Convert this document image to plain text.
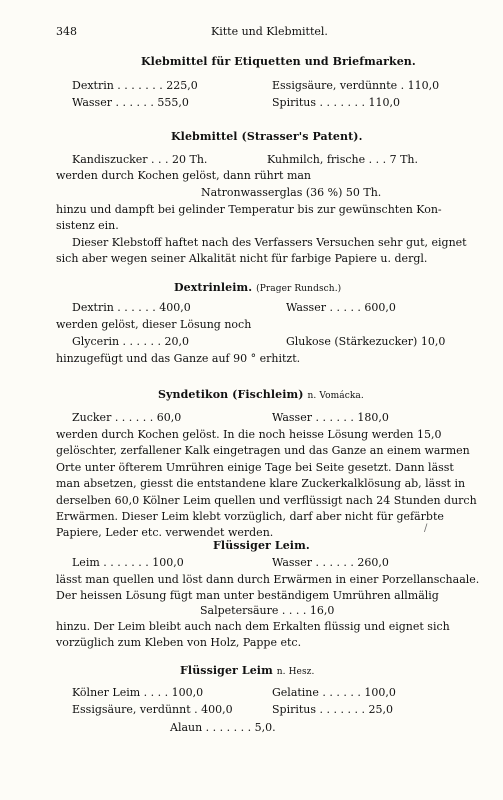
348	Kitte und Klebmittel.
Klebmittel für Etiquetten und Briefmarken.
Dextrin . . . . . . . 225,0	Essigsäure, verdünnte . 110,0
Wasser . . . . . . 555,0	Spiritus . . . . . . . 110,0
Klebmittel (Strasser's Patent).
Kandiszucker . . . 20 Th.	Kuhmilch, frische . . . 7 Th.
werden durch Kochen gelöst, dann rührt man
Natronwasserglas (36 %) 50 Th.
hinzu und dampft bei gelinder Temperatur bis zur gewünschten Kon-
sistenz ein.
Dieser Klebstoff haftet nach des Verfassers Versuchen sehr gut, eignet
sich aber wegen seiner Alkalität nicht für farbige Papiere u. dergl.
Dextrinleim. (Prager Rundsch.)
Dextrin . . . . . . 400,0	Wasser . . . . . 600,0
werden gelöst, dieser Lösung noch
Glycerin . . . . . . 20,0	Glukose (Stärkezucker) 10,0
hinzugefügt und das Ganze auf 90 ° erhitzt.
Syndetikon (Fischleim) n. Vomácka.
Zucker . . . . . . 60,0	Wasser . . . . . . 180,0
werden durch Kochen gelöst. In die noch heisse Lösung werden 15,0
gelöschter, zerfallener Kalk eingetragen und das Ganze an einem warmen
Orte unter öfterem Umrühren einige Tage bei Seite gesetzt. Dann lässt
man absetzen, giesst die entstandene klare Zuckerkalklösung ab, lässt in
derselben 60,0 Kölner Leim quellen und verflüssigt nach 24 Stunden durch
Erwärmen. Dieser Leim klebt vorzüglich, darf aber nicht für gefärbte
Papiere, Leder etc. verwendet werden.
Flüssiger Leim.
Leim . . . . . . . 100,0	Wasser . . . . . . 260,0
lässt man quellen und löst dann durch Erwärmen in einer Porzellanschaale.
Der heissen Lösung fügt man unter beständigem Umrühren allmälig
Salpetersäure . . . . 16,0
hinzu. Der Leim bleibt auch nach dem Erkalten flüssig und eignet sich
vorzüglich zum Kleben von Holz, Pappe etc.
Flüssiger Leim n. Hesz.
Kölner Leim . . . . 100,0	Gelatine . . . . . . 100,0
Essigsäure, verdünnt . 400,0	Spiritus . . . . . . . 25,0
Alaun . . . . . . . 5,0.
/
